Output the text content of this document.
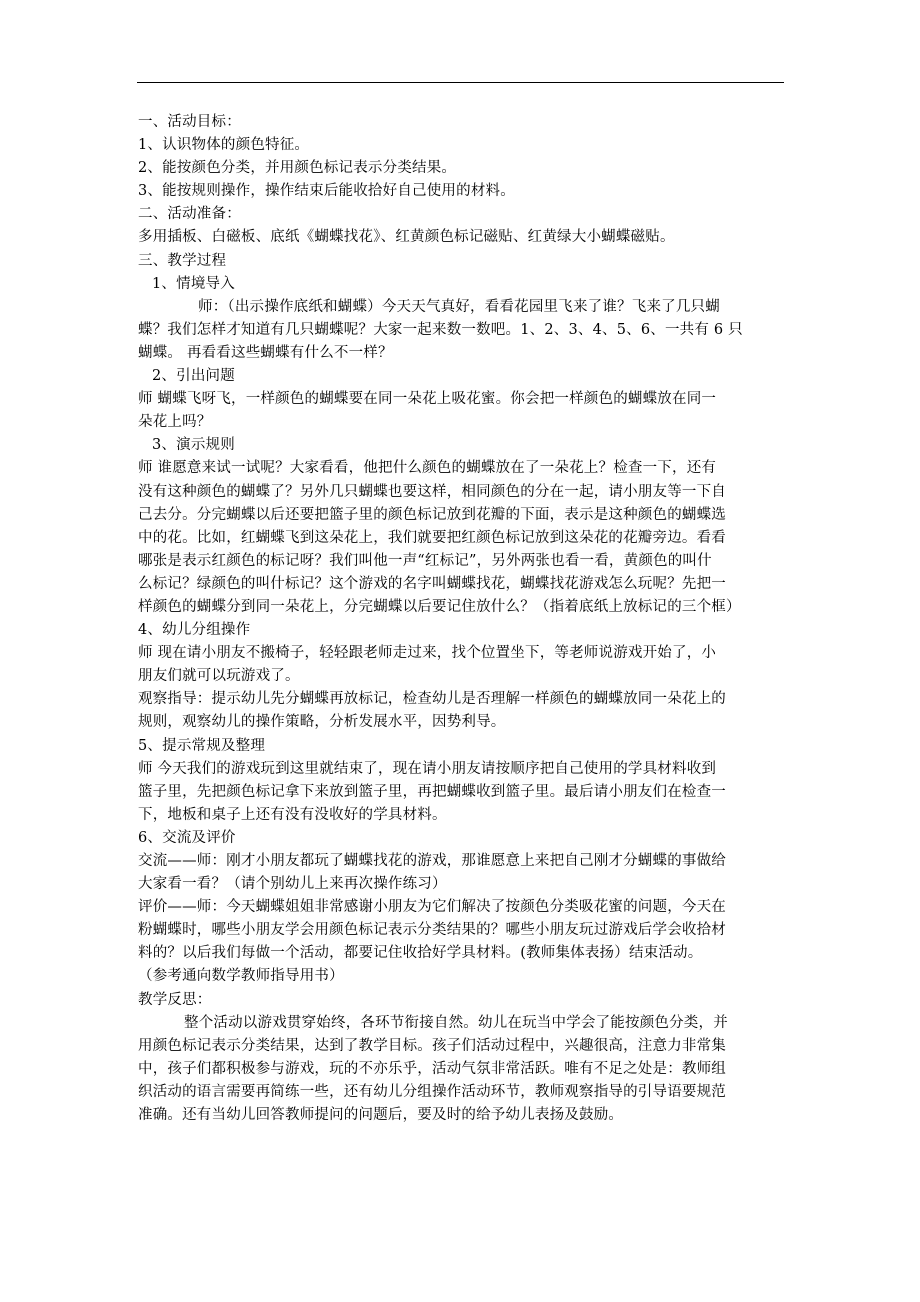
一、活动目标：

1、认识物体的颜色特征。

2、能按颜色分类，并用颜色标记表示分类结果。

3、能按规则操作，操作结束后能收拾好自己使用的材料。

二、活动准备：

多用插板、白磁板、底纸《蝴蝶找花》、红黄颜色标记磁贴、红黄绿大小蝴蝶磁贴。

三、教学过程

1、情境导入

师：（出示操作底纸和蝴蝶）今天天气真好，看看花园里飞来了谁？飞来了几只蝴

蝶？我们怎样才知道有几只蝴蝶呢？大家一起来数一数吧。1、2、3、4、5、6、一共有 6 只

蝴蝶。 再看看这些蝴蝶有什么不一样？

2、引出问题

师 蝴蝶飞呀飞，一样颜色的蝴蝶要在同一朵花上吸花蜜。你会把一样颜色的蝴蝶放在同一

朵花上吗？

3、演示规则

师 谁愿意来试一试呢？大家看看，他把什么颜色的蝴蝶放在了一朵花上？检查一下，还有

没有这种颜色的蝴蝶了？另外几只蝴蝶也要这样，相同颜色的分在一起，请小朋友等一下自

己去分。分完蝴蝶以后还要把篮子里的颜色标记放到花瓣的下面，表示是这种颜色的蝴蝶选

中的花。比如，红蝴蝶飞到这朵花上，我们就要把红颜色标记放到这朵花的花瓣旁边。看看

哪张是表示红颜色的标记呀？我们叫他一声“红标记”，另外两张也看一看，黄颜色的叫什

么标记？绿颜色的叫什标记？这个游戏的名字叫蝴蝶找花，蝴蝶找花游戏怎么玩呢？先把一

样颜色的蝴蝶分到同一朵花上，分完蝴蝶以后要记住放什么？（指着底纸上放标记的三个框）

4、幼儿分组操作

师 现在请小朋友不搬椅子，轻轻跟老师走过来，找个位置坐下，等老师说游戏开始了，小

朋友们就可以玩游戏了。

观察指导：提示幼儿先分蝴蝶再放标记，检查幼儿是否理解一样颜色的蝴蝶放同一朵花上的

规则，观察幼儿的操作策略，分析发展水平，因势利导。

5、提示常规及整理

师 今天我们的游戏玩到这里就结束了，现在请小朋友请按顺序把自己使用的学具材料收到

篮子里，先把颜色标记拿下来放到篮子里，再把蝴蝶收到篮子里。最后请小朋友们在检查一

下，地板和桌子上还有没有没收好的学具材料。

6、交流及评价

交流——师：刚才小朋友都玩了蝴蝶找花的游戏，那谁愿意上来把自己刚才分蝴蝶的事做给

大家看一看？（请个别幼儿上来再次操作练习）

评价——师：今天蝴蝶姐姐非常感谢小朋友为它们解决了按颜色分类吸花蜜的问题，今天在

粉蝴蝶时，哪些小朋友学会用颜色标记表示分类结果的？哪些小朋友玩过游戏后学会收拾材

料的？以后我们每做一个活动，都要记住收拾好学具材料。(教师集体表扬）结束活动。

（参考通向数学教师指导用书）

教学反思：

整个活动以游戏贯穿始终，各环节衔接自然。幼儿在玩当中学会了能按颜色分类，并

用颜色标记表示分类结果，达到了教学目标。孩子们活动过程中，兴趣很高，注意力非常集

中，孩子们都积极参与游戏，玩的不亦乐乎，活动气氛非常活跃。唯有不足之处是：教师组

织活动的语言需要再简练一些，还有幼儿分组操作活动环节，教师观察指导的引导语要规范

准确。还有当幼儿回答教师提问的问题后，要及时的给予幼儿表扬及鼓励。
